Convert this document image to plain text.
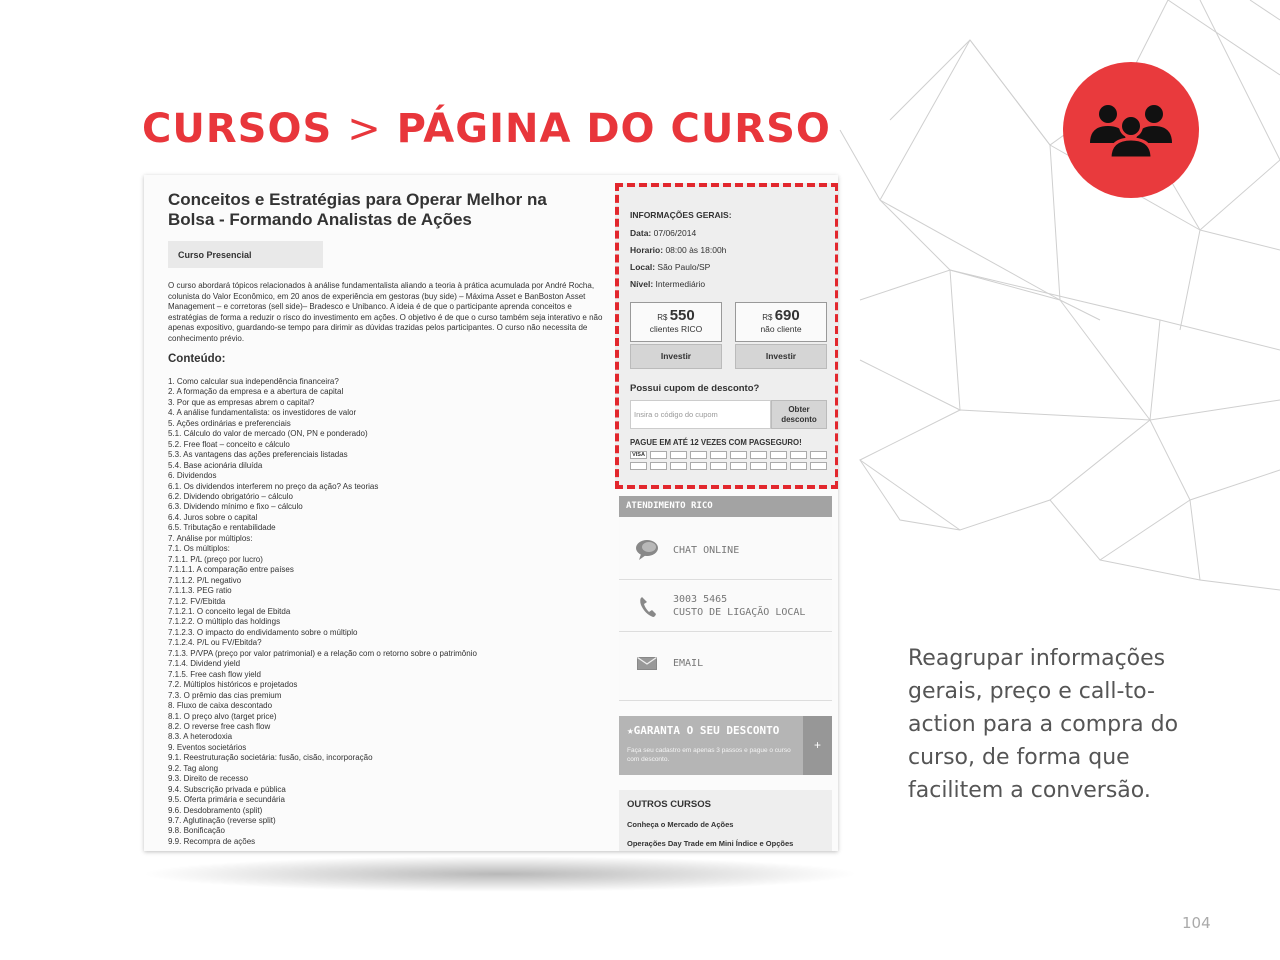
CURSOS > PÁGINA DO CURSO
Conceitos e Estratégias para Operar Melhor na Bolsa - Formando Analistas de Ações
Curso Presencial
O curso abordará tópicos relacionados à análise fundamentalista aliando a teoria à prática acumulada por André Rocha, colunista do Valor Econômico, em 20 anos de experiência em gestoras (buy side) – Máxima Asset e BanBoston Asset Management – e corretoras (sell side)– Bradesco e Unibanco. A ideia é de que o participante aprenda conceitos e estratégias de forma a reduzir o risco do investimento em ações. O objetivo é de que o curso também seja interativo e não apenas expositivo, guardando-se tempo para dirimir as dúvidas trazidas pelos participantes. O curso não necessita de conhecimento prévio.
Conteúdo:
1. Como calcular sua independência financeira?
2. A formação da empresa e a abertura de capital
3. Por que as empresas abrem o capital?
4. A análise fundamentalista: os investidores de valor
5. Ações ordinárias e preferenciais
5.1. Cálculo do valor de mercado (ON, PN e ponderado)
5.2. Free float – conceito e cálculo
5.3. As vantagens das ações preferenciais listadas
5.4. Base acionária diluída
6. Dividendos
6.1. Os dividendos interferem no preço da ação? As teorias
6.2. Dividendo obrigatório – cálculo
6.3. Dividendo mínimo e fixo – cálculo
6.4. Juros sobre o capital
6.5. Tributação e rentabilidade
7. Análise por múltiplos:
7.1. Os múltiplos:
7.1.1. P/L (preço por lucro)
7.1.1.1. A comparação entre países
7.1.1.2. P/L negativo
7.1.1.3. PEG ratio
7.1.2. FV/Ebitda
7.1.2.1. O conceito legal de Ebitda
7.1.2.2. O múltiplo das holdings
7.1.2.3. O impacto do endividamento sobre o múltiplo
7.1.2.4. P/L ou FV/Ebitda?
7.1.3. P/VPA (preço por valor patrimonial) e a relação com o retorno sobre o patrimônio
7.1.4. Dividend yield
7.1.5. Free cash flow yield
7.2. Múltiplos históricos e projetados
7.3. O prêmio das cias premium
8. Fluxo de caixa descontado
8.1. O preço alvo (target price)
8.2. O reverse free cash flow
8.3. A heterodoxia
9. Eventos societários
9.1. Reestruturação societária: fusão, cisão, incorporação
9.2. Tag along
9.3. Direito de recesso
9.4. Subscrição privada e pública
9.5. Oferta primária e secundária
9.6. Desdobramento (split)
9.7. Aglutinação (reverse split)
9.8. Bonificação
9.9. Recompra de ações
INFORMAÇÕES GERAIS:
Data: 07/06/2014
Horario: 08:00 às 18:00h
Local: São Paulo/SP
Nível: Intermediário
R$ 550
clientes RICO
R$ 690
não cliente
Investir	Investir
Possui cupom de desconto?
Insira o código do cupom
Obter desconto
PAGUE EM ATÉ 12 VEZES COM PAGSEGURO!
VISA
ATENDIMENTO RICO
CHAT ONLINE
3003 5465
CUSTO DE LIGAÇÃO LOCAL
EMAIL
★GARANTA O SEU DESCONTO
Faça seu cadastro em apenas 3 passos e pague o curso com desconto.
+
OUTROS CURSOS
Conheça o Mercado de Ações
Operações Day Trade em Mini Índice e Opções
Reagrupar informações gerais, preço e call-to-action para a compra do curso, de forma que facilitem a conversão.
104
